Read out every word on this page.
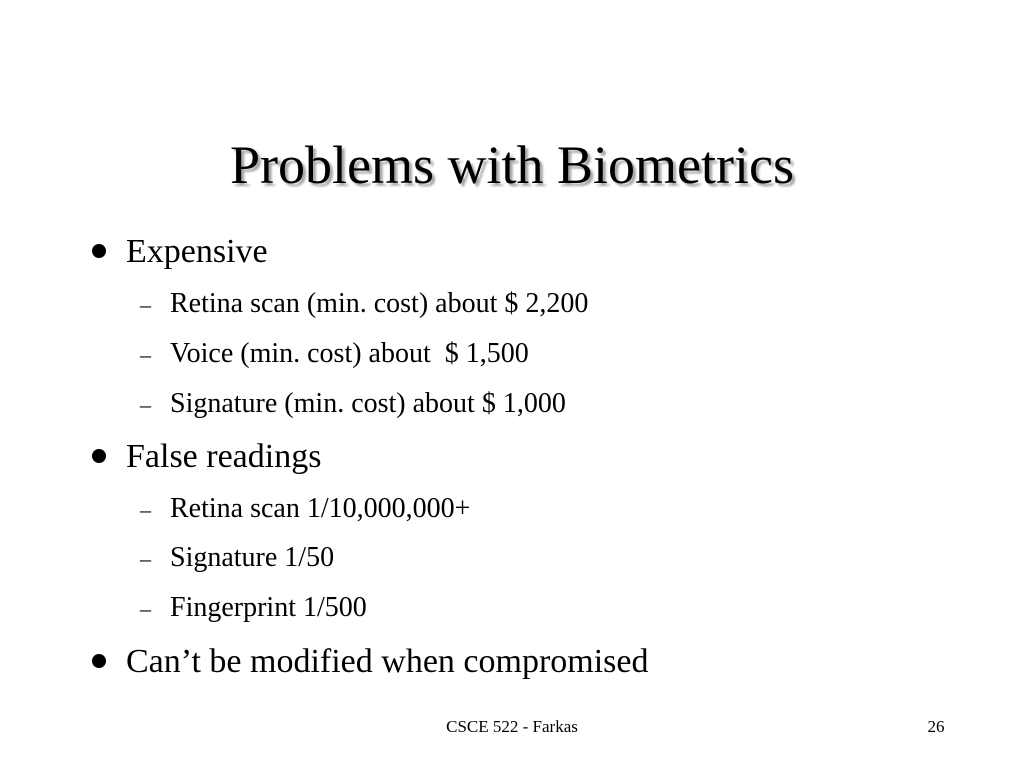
Problems with Biometrics
Expensive
– Retina scan (min. cost) about $ 2,200
– Voice (min. cost) about  $ 1,500
– Signature (min. cost) about $ 1,000
False readings
– Retina scan 1/10,000,000+
– Signature 1/50
– Fingerprint 1/500
Can’t be modified when compromised
CSCE 522 - Farkas	26
